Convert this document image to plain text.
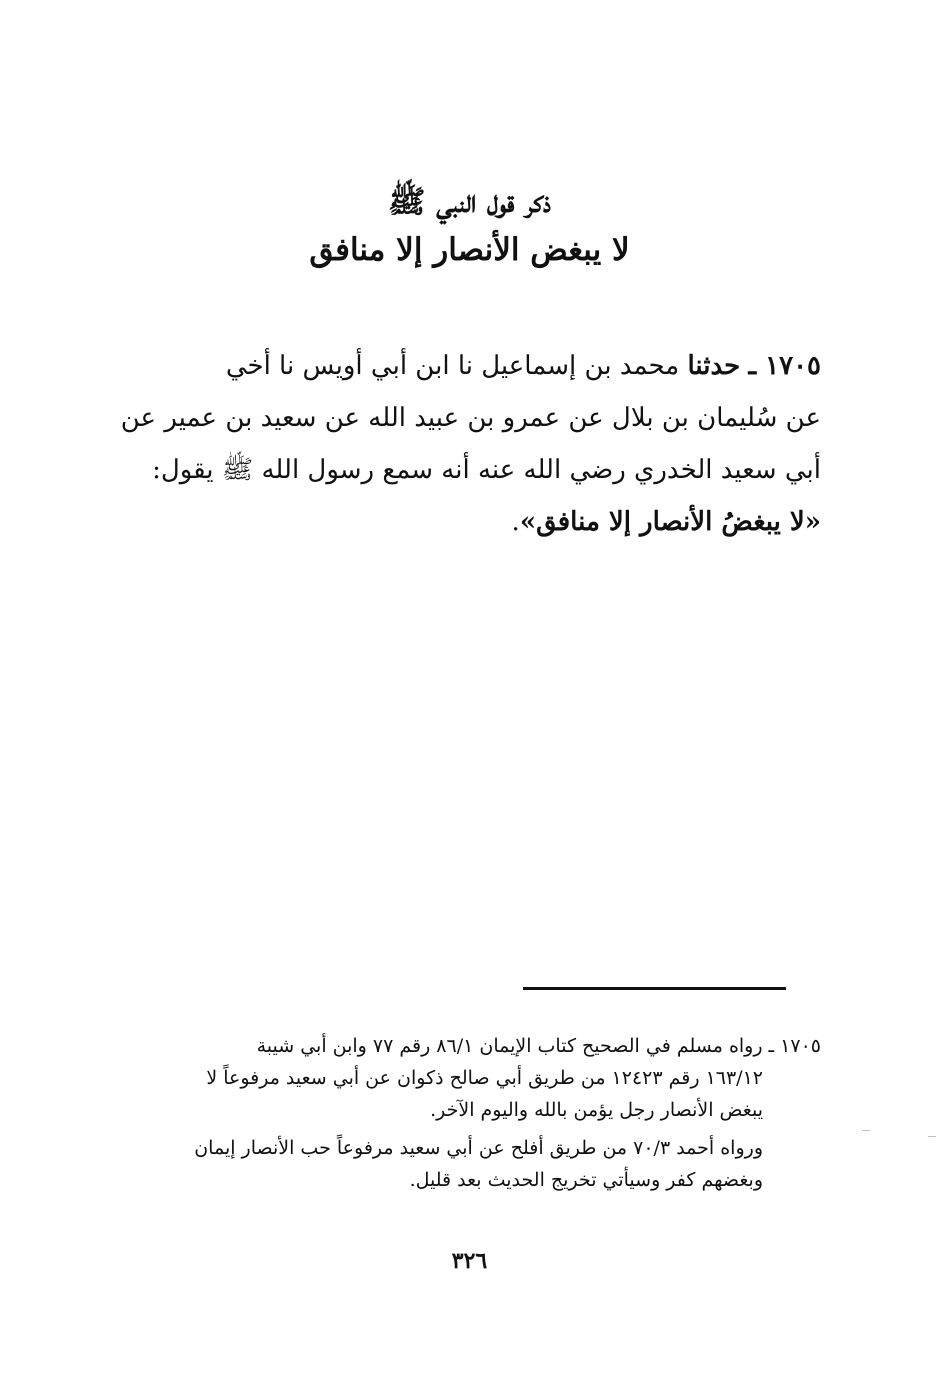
ذكر قول النبي ﷺ
لا يبغض الأنصار إلا منافق
١٧٠٥ ـ حدثنا محمد بن إسماعيل نا ابن أبي أويس نا أخي
عن سُليمان بن بلال عن عمرو بن عبيد الله عن سعيد بن عمير عن
أبي سعيد الخدري رضي الله عنه أنه سمع رسول الله ﷺ يقول:
«لا يبغضُ الأنصار إلا منافق».
١٧٠٥ ـ رواه مسلم في الصحيح كتاب الإيمان ٨٦/١ رقم ٧٧ وابن أبي شيبة
١٦٣/١٢ رقم ١٢٤٢٣ من طريق أبي صالح ذكوان عن أبي سعيد مرفوعاً لا
يبغض الأنصار رجل يؤمن بالله واليوم الآخر.
ورواه أحمد ٧٠/٣ من طريق أفلح عن أبي سعيد مرفوعاً حب الأنصار إيمان
وبغضهم كفر وسيأتي تخريج الحديث بعد قليل.
٣٢٦
